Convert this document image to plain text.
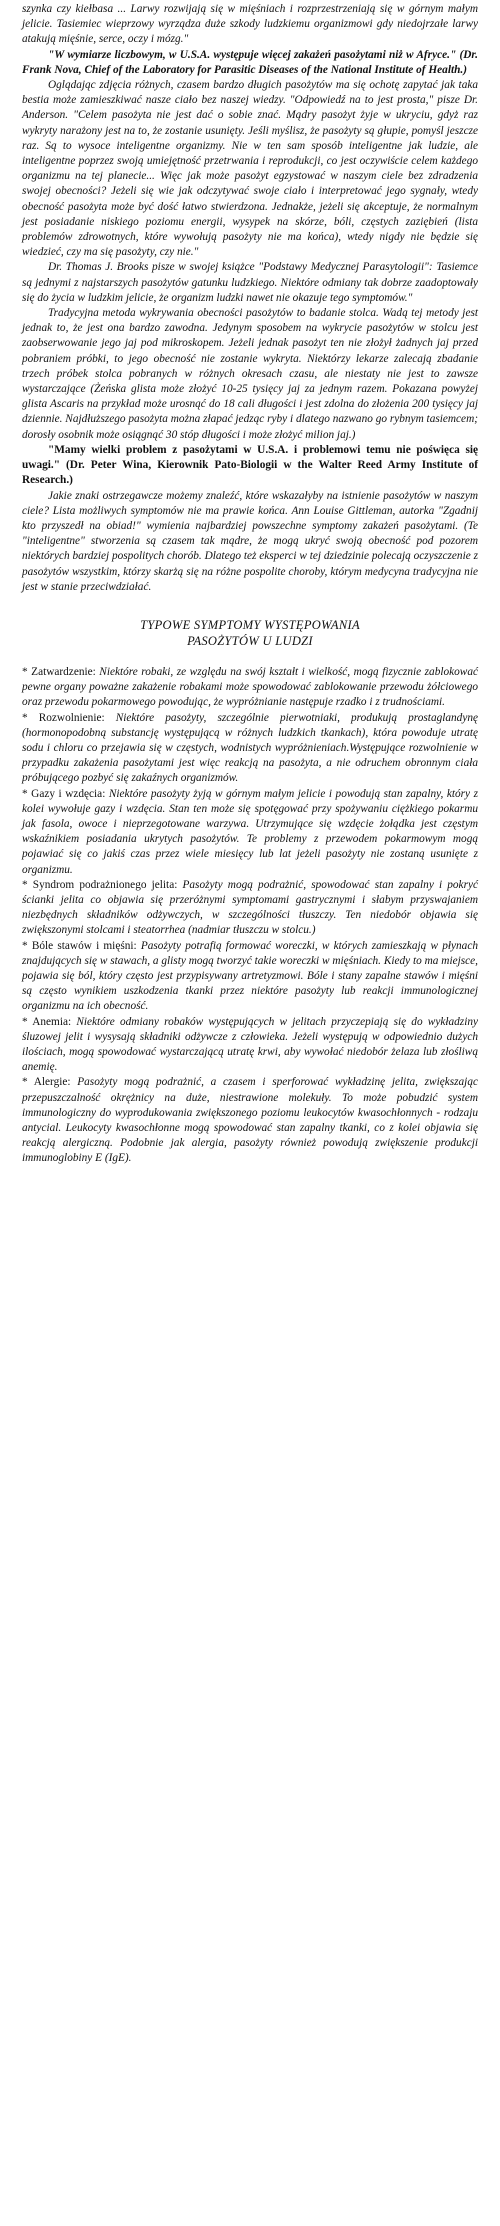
szynka czy kiełbasa ... Larwy rozwijają się w mięśniach i rozprzestrzeniają się w górnym małym jelicie. Tasiemiec wieprzowy wyrządza duże szkody ludzkiemu organizmowi gdy niedojrzałe larwy atakują mięśnie, serce, oczy i mózg."

"W wymiarze liczbowym, w U.S.A. występuje więcej zakażeń pasożytami niż w Afryce." (Dr. Frank Nova, Chief of the Laboratory for Parasitic Diseases of the National Institute of Health.)

Oglądając zdjęcia różnych, czasem bardzo długich pasożytów ma się ochotę zapytać jak taka bestia może zamieszkiwać nasze ciało bez naszej wiedzy. "Odpowiedź na to jest prosta," pisze Dr. Anderson. "Celem pasożyta nie jest dać o sobie znać. Mądry pasożyt żyje w ukryciu, gdyż raz wykryty narażony jest na to, że zostanie usunięty. Jeśli myślisz, że pasożyty są głupie, pomyśl jeszcze raz. Są to wysoce inteligentne organizmy. Nie w ten sam sposób inteligentne jak ludzie, ale inteligentne poprzez swoją umiejętność przetrwania i reprodukcji, co jest oczywiście celem każdego organizmu na tej planecie... Więc jak może pasożyt egzystować w naszym ciele bez zdradzenia swojej obecności? Jeżeli się wie jak odczytywać swoje ciało i interpretować jego sygnały, wtedy obecność pasożyta może być dość łatwo stwierdzona. Jednakże, jeżeli się akceptuje, że normalnym jest posiadanie niskiego poziomu energii, wysypek na skórze, bóli, częstych zaziębień (lista problemów zdrowotnych, które wywołują pasożyty nie ma końca), wtedy nigdy nie będzie się wiedzieć, czy ma się pasożyty, czy nie."

Dr. Thomas J. Brooks pisze w swojej książce "Podstawy Medycznej Parasytologii": Tasiemce są jednymi z najstarszych pasożytów gatunku ludzkiego. Niektóre odmiany tak dobrze zaadoptowały się do życia w ludzkim jelicie, że organizm ludzki nawet nie okazuje tego symptomów."

Tradycyjna metoda wykrywania obecności pasożytów to badanie stolca. Wadą tej metody jest jednak to, że jest ona bardzo zawodna. Jedynym sposobem na wykrycie pasożytów w stolcu jest zaobserwowanie jego jaj pod mikroskopem. Jeżeli jednak pasożyt ten nie złożył żadnych jaj przed pobraniem próbki, to jego obecność nie zostanie wykryta. Niektórzy lekarze zalecają zbadanie trzech próbek stolca pobranych w różnych okresach czasu, ale niestaty nie jest to zawsze wystarczające (Żeńska glista może złożyć 10-25 tysięcy jaj za jednym razem. Pokazana powyżej glista Ascaris na przykład może urosnąć do 18 cali długości i jest zdolna do złożenia 200 tysięcy jaj dziennie. Najdłuższego pasożyta można złapać jedząc ryby i dlatego nazwano go rybnym tasiemcem; dorosły osobnik może osiągnąć 30 stóp długości i może złożyć milion jaj.)

"Mamy wielki problem z pasożytami w U.S.A. i problemowi temu nie poświęca się uwagi." (Dr. Peter Wina, Kierownik Pato-Biologii w the Walter Reed Army Institute of Research.)

Jakie znaki ostrzegawcze możemy znaleźć, które wskazałyby na istnienie pasożytów w naszym ciele? Lista możliwych symptomów nie ma prawie końca. Ann Louise Gittleman, autorka "Zgadnij kto przyszedł na obiad!" wymienia najbardziej powszechne symptomy zakażeń pasożytami. (Te "inteligentne" stworzenia są czasem tak mądre, że mogą ukryć swoją obecność pod pozorem niektórych bardziej pospolitych chorób. Dlatego też eksperci w tej dziedzinie polecają oczyszczenie z pasożytów wszystkim, którzy skarżą się na różne pospolite choroby, którym medycyna tradycyjna nie jest w stanie przeciwdziałać.

TYPOWE SYMPTOMY WYSTĘPOWANIA
PASOŻYTÓW U LUDZI

* Zatwardzenie: Niektóre robaki, ze względu na swój kształt i wielkość, mogą fizycznie zablokować pewne organy poważne zakażenie robakami może spowodować zablokowanie przewodu żółciowego oraz przewodu pokarmowego powodując, że wypróżnianie następuje rzadko i z trudnościami.

* Rozwolnienie: Niektóre pasożyty, szczególnie pierwotniaki, produkują prostaglandynę (hormonopodobną substancję występującą w różnych ludzkich tkankach), która powoduje utratę sodu i chloru co przejawia się w częstych, wodnistych wypróżnieniach.Występujące rozwolnienie w przypadku zakażenia pasożytami jest więc reakcją na pasożyta, a nie odruchem obronnym ciała próbującego pozbyć się zakaźnych organizmów.

* Gazy i wzdęcia: Niektóre pasożyty żyją w górnym małym jelicie i powodują stan zapalny, który z kolei wywołuje gazy i wzdęcia. Stan ten może się spotęgować przy spożywaniu ciężkiego pokarmu jak fasola, owoce i nieprzegotowane warzywa. Utrzymujące się wzdęcie żołądka jest częstym wskaźnikiem posiadania ukrytych pasożytów. Te problemy z przewodem pokarmowym mogą pojawiać się co jakiś czas przez wiele miesięcy lub lat jeżeli pasożyty nie zostaną usunięte z organizmu.

* Syndrom podrażnionego jelita: Pasożyty mogą podrażnić, spowodować stan zapalny i pokryć ścianki jelita co objawia się przeróżnymi symptomami gastrycznymi i słabym przyswajaniem niezbędnych składników odżywczych, w szczególności tłuszczy. Ten niedobór objawia się zwiększonymi stolcami i steatorrhea (nadmiar tłuszczu w stolcu.)

* Bóle stawów i mięśni: Pasożyty potrafią formować woreczki, w których zamieszkają w płynach znajdujących się w stawach, a glisty mogą tworzyć takie woreczki w mięśniach. Kiedy to ma miejsce, pojawia się ból, który często jest przypisywany artretyzmowi. Bóle i stany zapalne stawów i mięśni są często wynikiem uszkodzenia tkanki przez niektóre pasożyty lub reakcji immunologicznej organizmu na ich obecność.

* Anemia: Niektóre odmiany robaków występujących w jelitach przyczepiają się do wykładziny śluzowej jelit i wysysają składniki odżywcze z człowieka. Jeżeli występują w odpowiednio dużych ilościach, mogą spowodować wystarczającą utratę krwi, aby wywołać niedobór żelaza lub złośliwą anemię.

* Alergie: Pasożyty mogą podrażnić, a czasem i sperforować wykładzinę jelita, zwiększając przepuszczalność okrężnicy na duże, niestrawione molekuły. To może pobudzić system immunologiczny do wyprodukowania zwiększonego poziomu leukocytów kwasochłonnych - rodzaju antycial. Leukocyty kwasochłonne mogą spowodować stan zapalny tkanki, co z kolei objawia się reakcją alergiczną. Podobnie jak alergia, pasożyty również powodują zwiększenie produkcji immunoglobiny E (IgE).
